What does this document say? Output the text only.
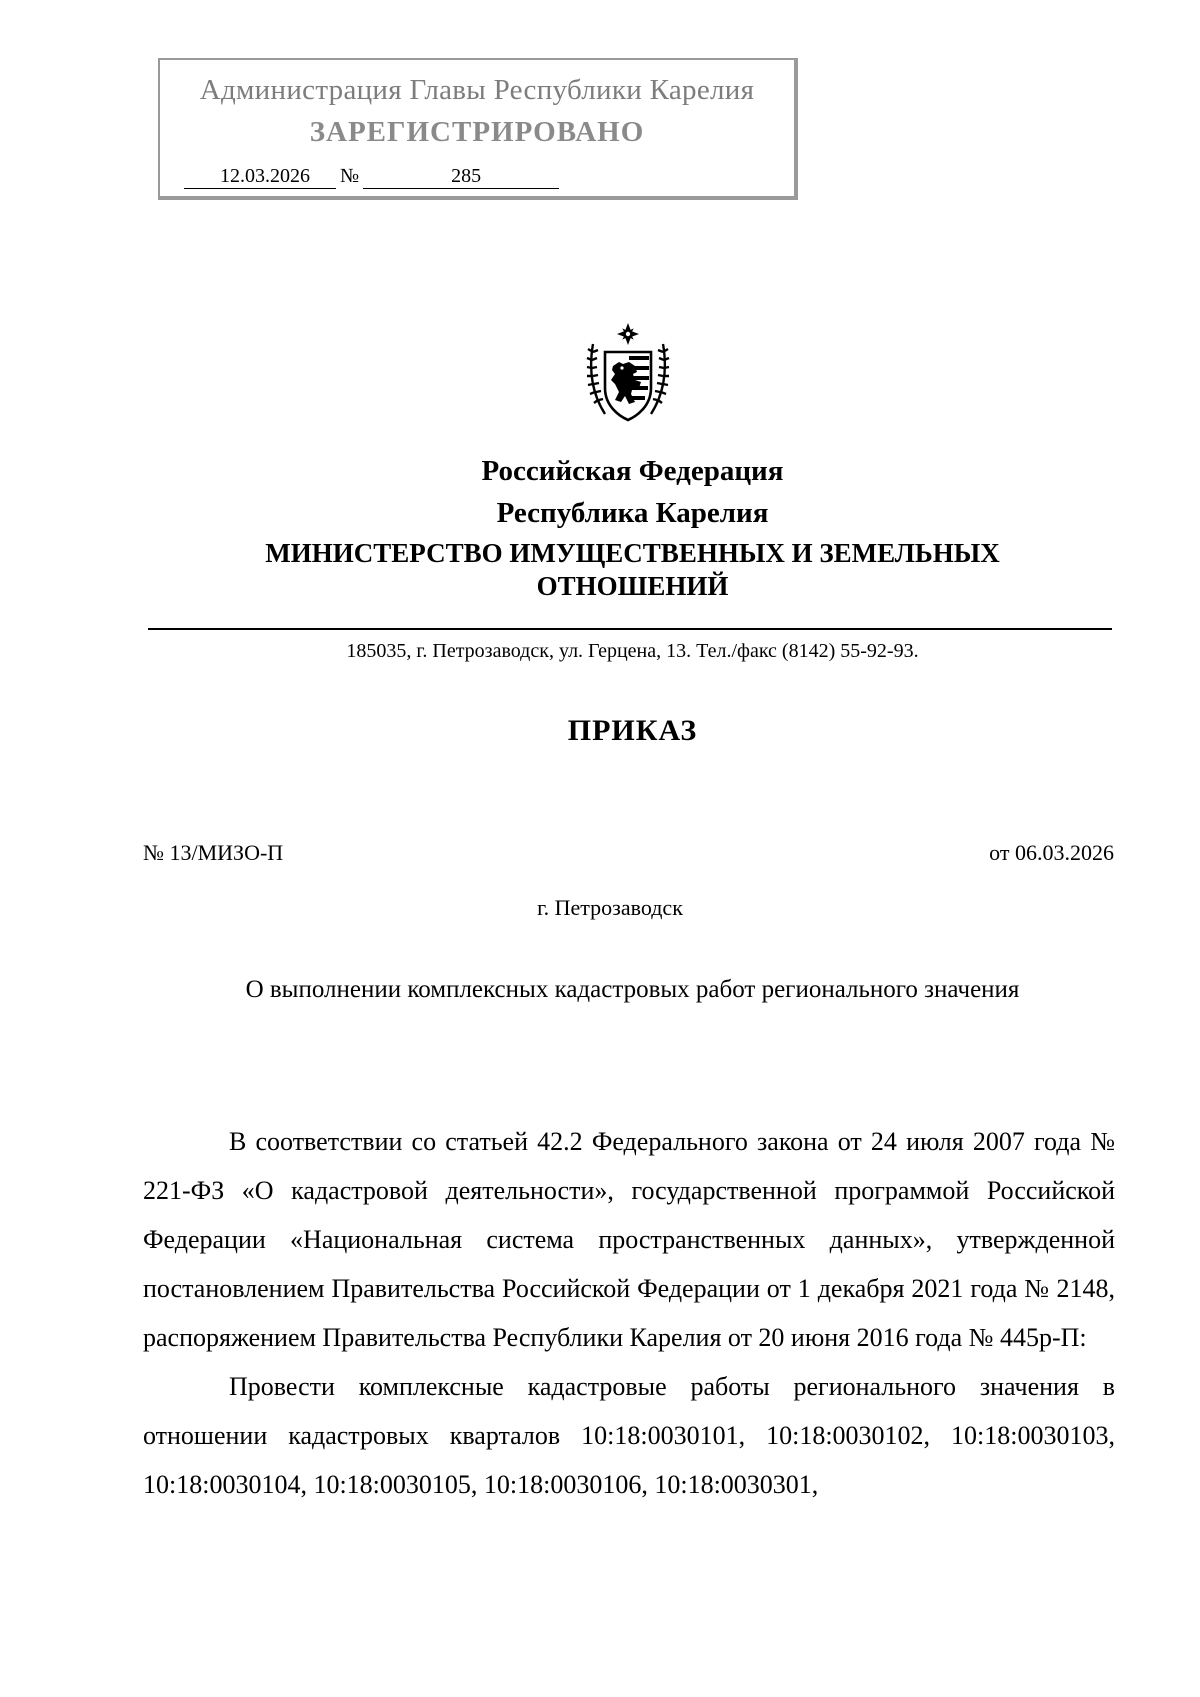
Администрация Главы Республики Карелия
ЗАРЕГИСТРИРОВАНО
12.03.2026 №	285
Российская Федерация
Республика Карелия
МИНИСТЕРСТВО ИМУЩЕСТВЕННЫХ И ЗЕМЕЛЬНЫХ
ОТНОШЕНИЙ
185035, г. Петрозаводск, ул. Герцена, 13. Тел./факс (8142) 55-92-93.
ПРИКАЗ
№ 13/МИЗО-П	от 06.03.2026
г. Петрозаводск
О выполнении комплексных кадастровых работ регионального значения

В соответствии со статьей 42.2 Федерального закона от 24 июля 2007 года № 221-ФЗ «О кадастровой деятельности», государственной программой Российской Федерации «Национальная система пространственных данных», утвержденной постановлением Правительства Российской Федерации от 1 декабря 2021 года № 2148, распоряжением Правительства Республики Карелия от 20 июня 2016 года № 445р-П:

Провести комплексные кадастровые работы регионального значения в отношении кадастровых кварталов 10:18:0030101, 10:18:0030102, 10:18:0030103, 10:18:0030104, 10:18:0030105, 10:18:0030106, 10:18:0030301,
